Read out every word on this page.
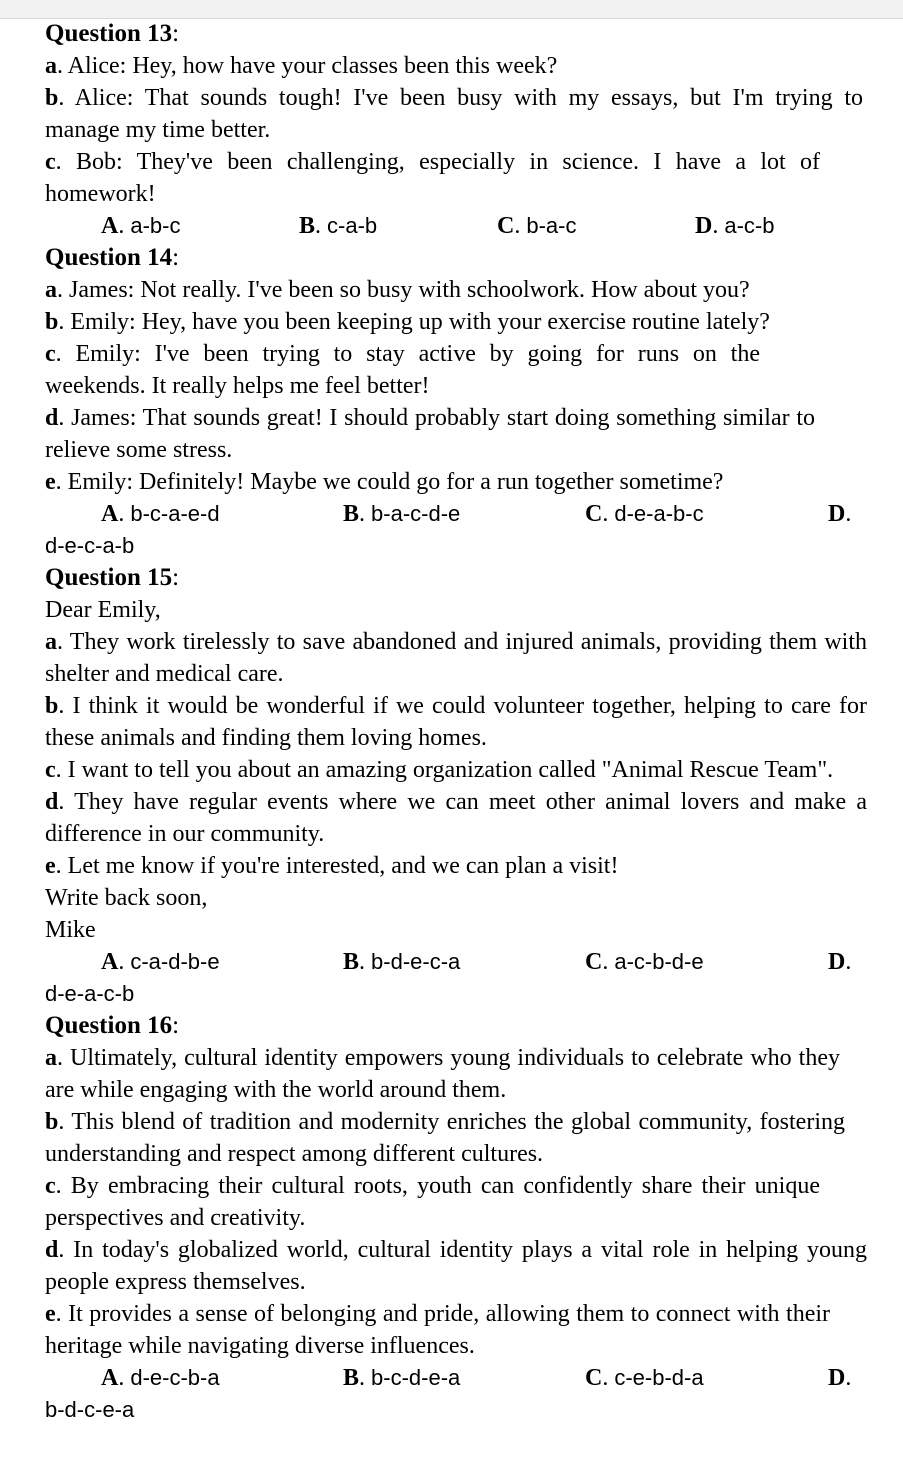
Question 13:
a. Alice: Hey, how have your classes been this week?
b. Alice: That sounds tough! I've been busy with my essays, but I'm trying to manage my time better.
c. Bob: They've been challenging, especially in science. I have a lot of homework!
A. a-b-c	B. c-a-b	C. b-a-c	D. a-c-b
Question 14:
a. James: Not really. I've been so busy with schoolwork. How about you?
b. Emily: Hey, have you been keeping up with your exercise routine lately?
c. Emily: I've been trying to stay active by going for runs on the weekends. It really helps me feel better!
d. James: That sounds great! I should probably start doing something similar to relieve some stress.
e. Emily: Definitely! Maybe we could go for a run together sometime?
A. b-c-a-e-d	B. b-a-c-d-e	C. d-e-a-b-c	D.
d-e-c-a-b
Question 15:
Dear Emily,
a. They work tirelessly to save abandoned and injured animals, providing them with shelter and medical care.
b. I think it would be wonderful if we could volunteer together, helping to care for these animals and finding them loving homes.
c. I want to tell you about an amazing organization called "Animal Rescue Team".
d. They have regular events where we can meet other animal lovers and make a difference in our community.
e. Let me know if you're interested, and we can plan a visit!
Write back soon,
Mike
A. c-a-d-b-e	B. b-d-e-c-a	C. a-c-b-d-e	D.
d-e-a-c-b
Question 16:
a. Ultimately, cultural identity empowers young individuals to celebrate who they are while engaging with the world around them.
b. This blend of tradition and modernity enriches the global community, fostering understanding and respect among different cultures.
c. By embracing their cultural roots, youth can confidently share their unique perspectives and creativity.
d. In today's globalized world, cultural identity plays a vital role in helping young people express themselves.
e. It provides a sense of belonging and pride, allowing them to connect with their heritage while navigating diverse influences.
A. d-e-c-b-a	B. b-c-d-e-a	C. c-e-b-d-a	D.
b-d-c-e-a
